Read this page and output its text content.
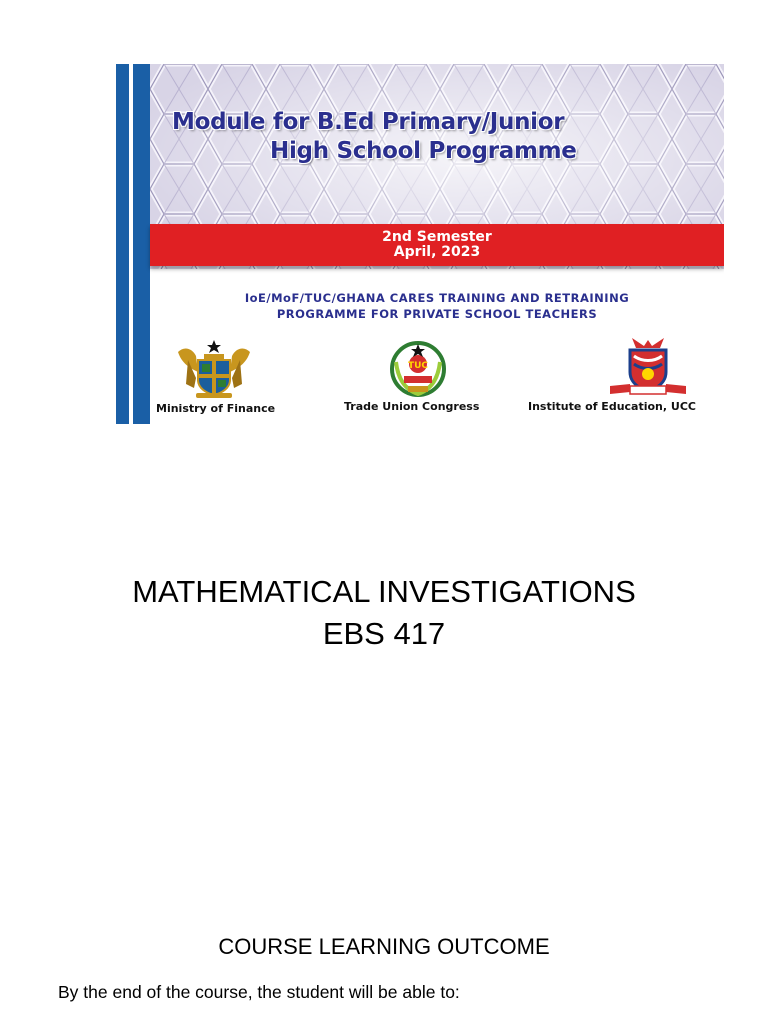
Module for B.Ed Primary/Junior
High School Programme
2nd Semester
April, 2023
IoE/MoF/TUC/GHANA CARES TRAINING AND RETRAINING
PROGRAMME FOR PRIVATE SCHOOL TEACHERS
Ministry of Finance
TUC
Trade Union Congress	Institute of Education, UCC
MATHEMATICAL INVESTIGATIONS
EBS 417
COURSE LEARNING OUTCOME
By the end of the course, the student will be able to:
